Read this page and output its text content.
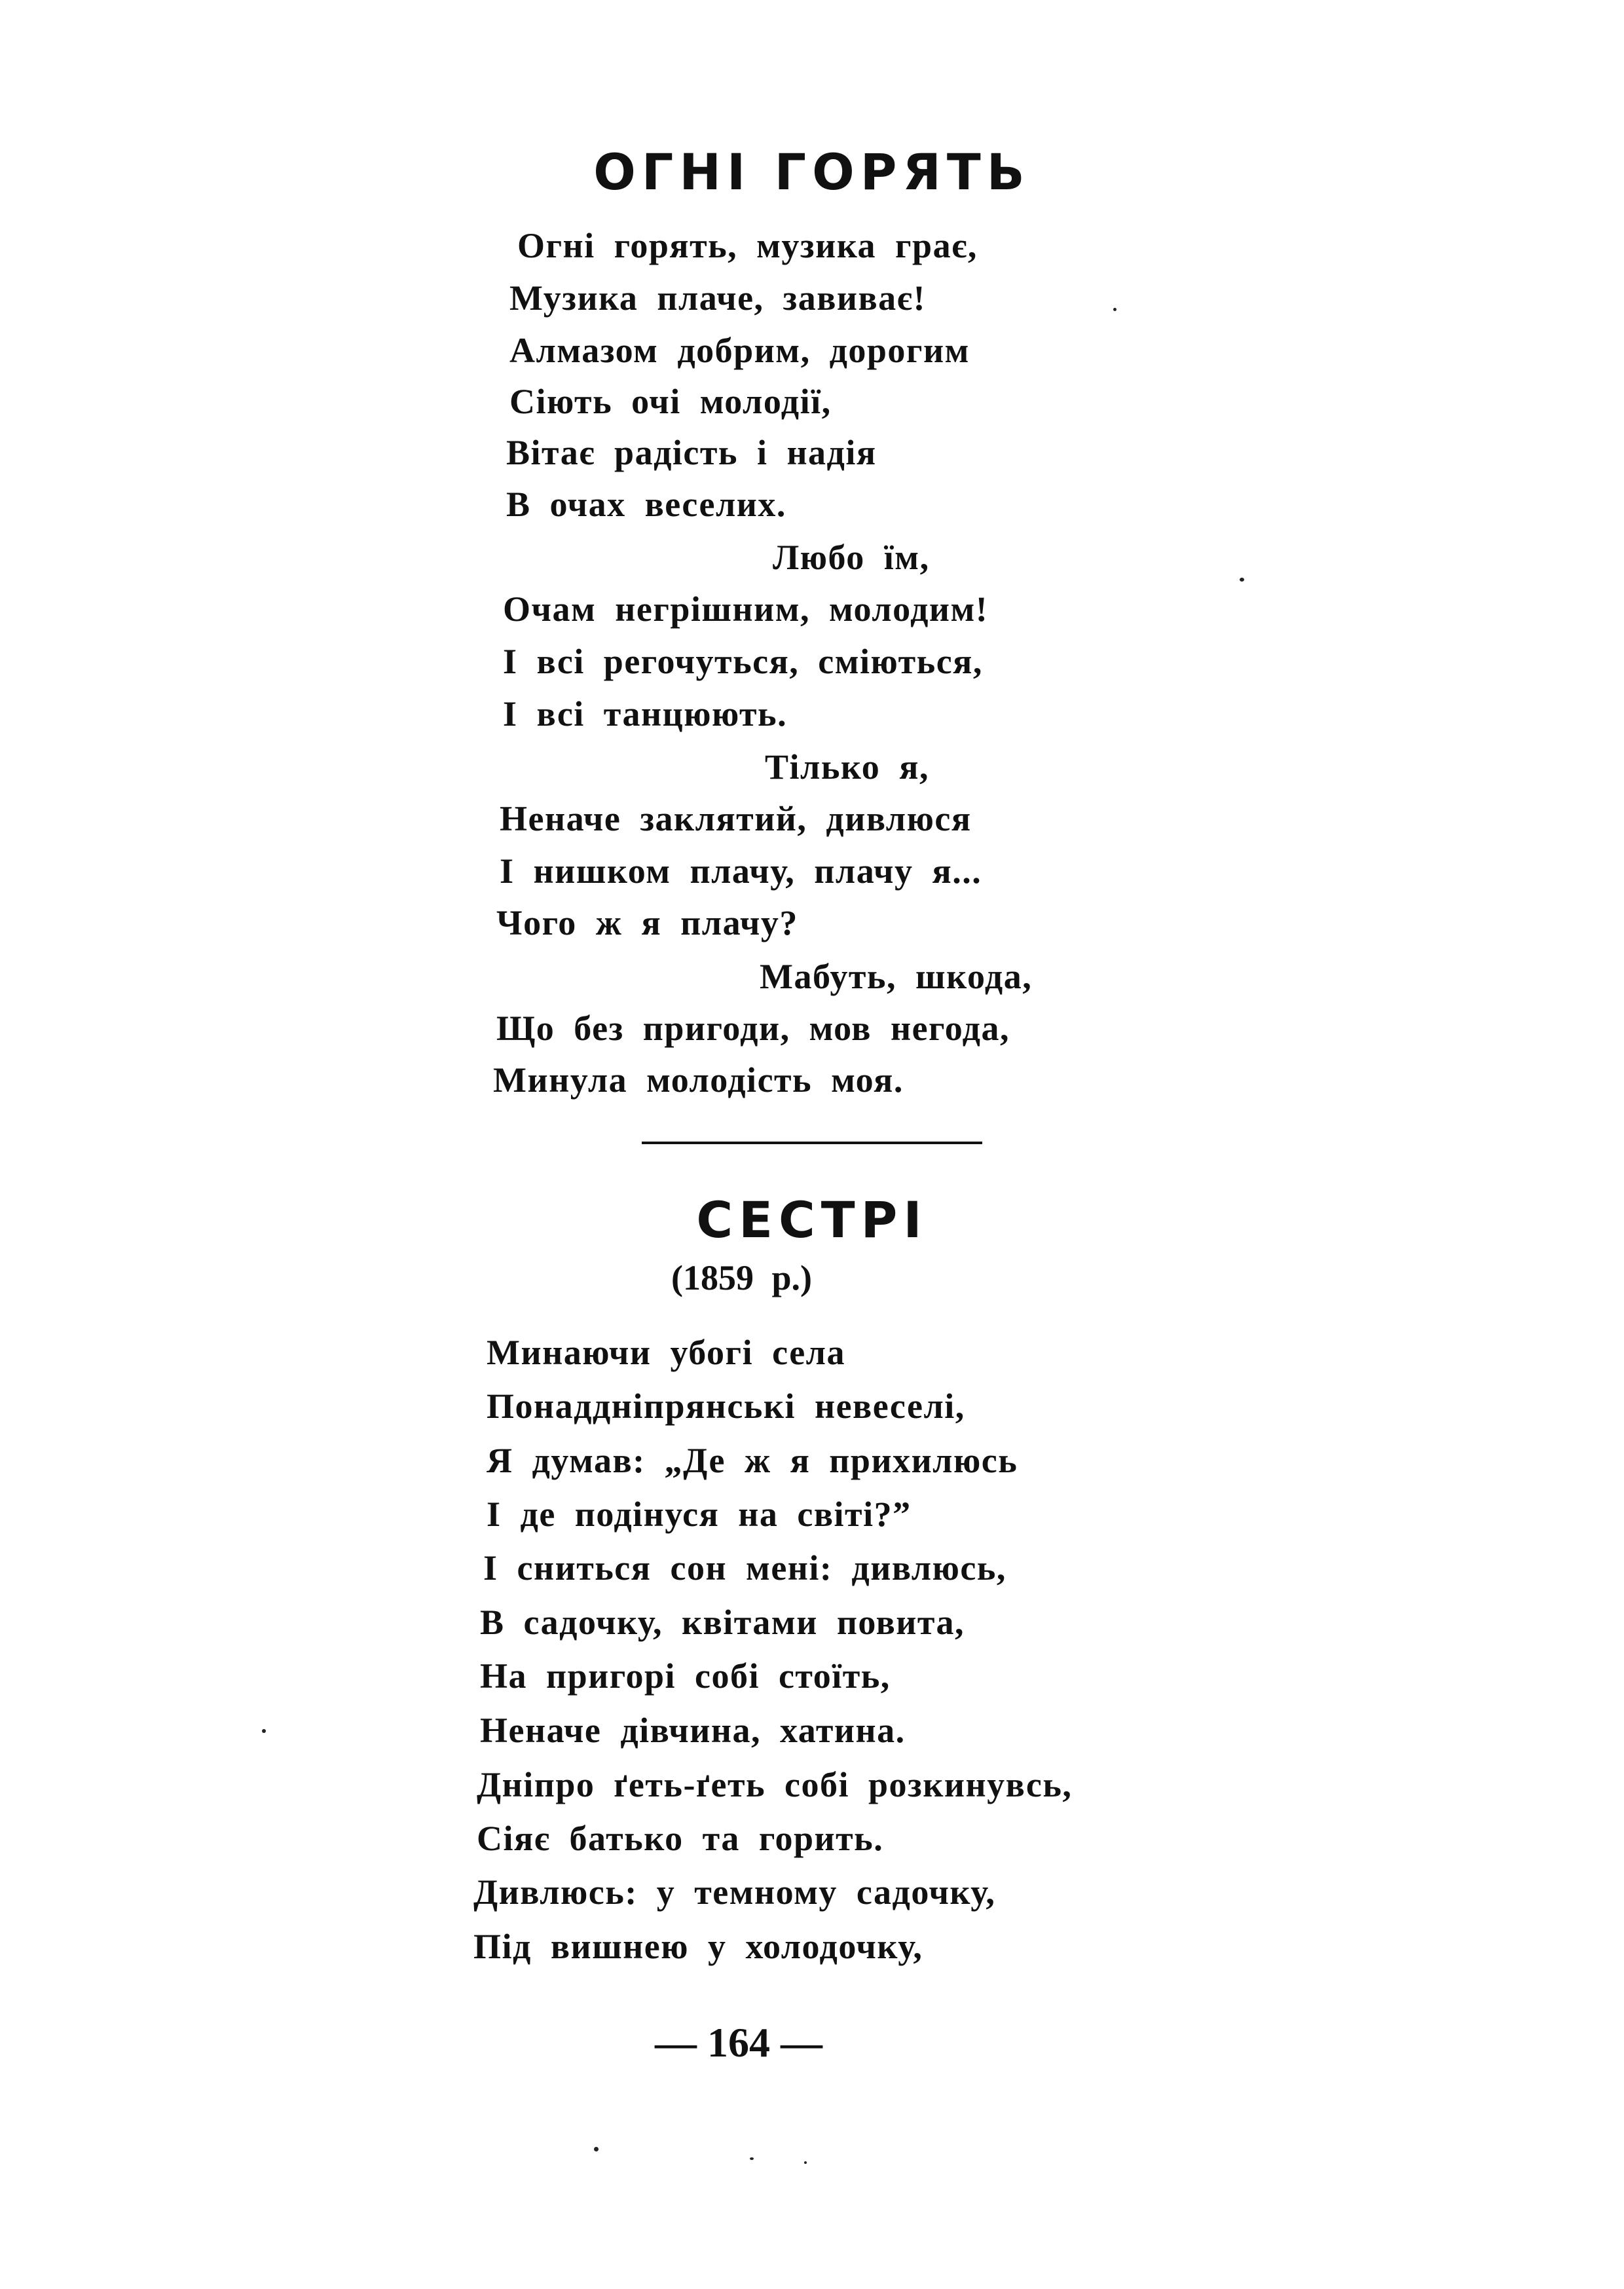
ОГНІ ГОРЯТЬ
Огні горять, музика грає,
Музика плаче, завиває!
Алмазом добрим, дорогим
Сіють очі молодії,
Вітає радість і надія
В очах веселих.
Любо їм,
Очам негрішним, молодим!
І всі регочуться, сміються,
І всі танцюють.
Тілько я,
Неначе заклятий, дивлюся
І нишком плачу, плачу я...
Чого ж я плачу?
Мабуть, шкода,
Що без пригоди, мов негода,
Минула молодість моя.
СЕСТРІ
(1859 р.)
Минаючи убогі села
Понаддніпрянські невеселі,
Я думав: „Де ж я прихилюсь
І де подінуся на світі?”
І сниться сон мені: дивлюсь,
В садочку, квітами повита,
На пригорі собі стоїть,
Неначе дівчина, хатина.
Дніпро ґеть-ґеть собі розкинувсь,
Сіяє батько та горить.
Дивлюсь: у темному садочку,
Під вишнею у холодочку,
— 164 —
